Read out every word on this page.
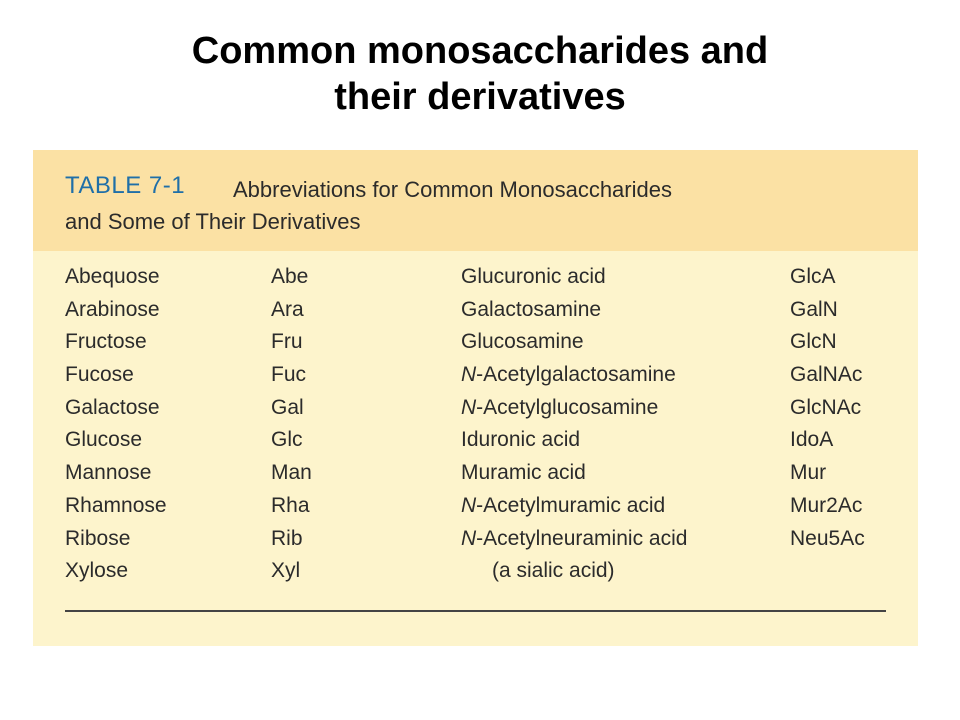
Common monosaccharides and
their derivatives
TABLE 7-1	Abbreviations for Common Monosaccharides
and Some of Their Derivatives
Abequose	Abe	Glucuronic acid	GlcA
Arabinose	Ara	Galactosamine	GalN
Fructose	Fru	Glucosamine	GlcN
Fucose	Fuc	N-Acetylgalactosamine	GalNAc
Galactose	Gal	N-Acetylglucosamine	GlcNAc
Glucose	Glc	Iduronic acid	IdoA
Mannose	Man	Muramic acid	Mur
Rhamnose	Rha	N-Acetylmuramic acid	Mur2Ac
Ribose	Rib	N-Acetylneuraminic acid	Neu5Ac
Xylose	Xyl	(a sialic acid)
